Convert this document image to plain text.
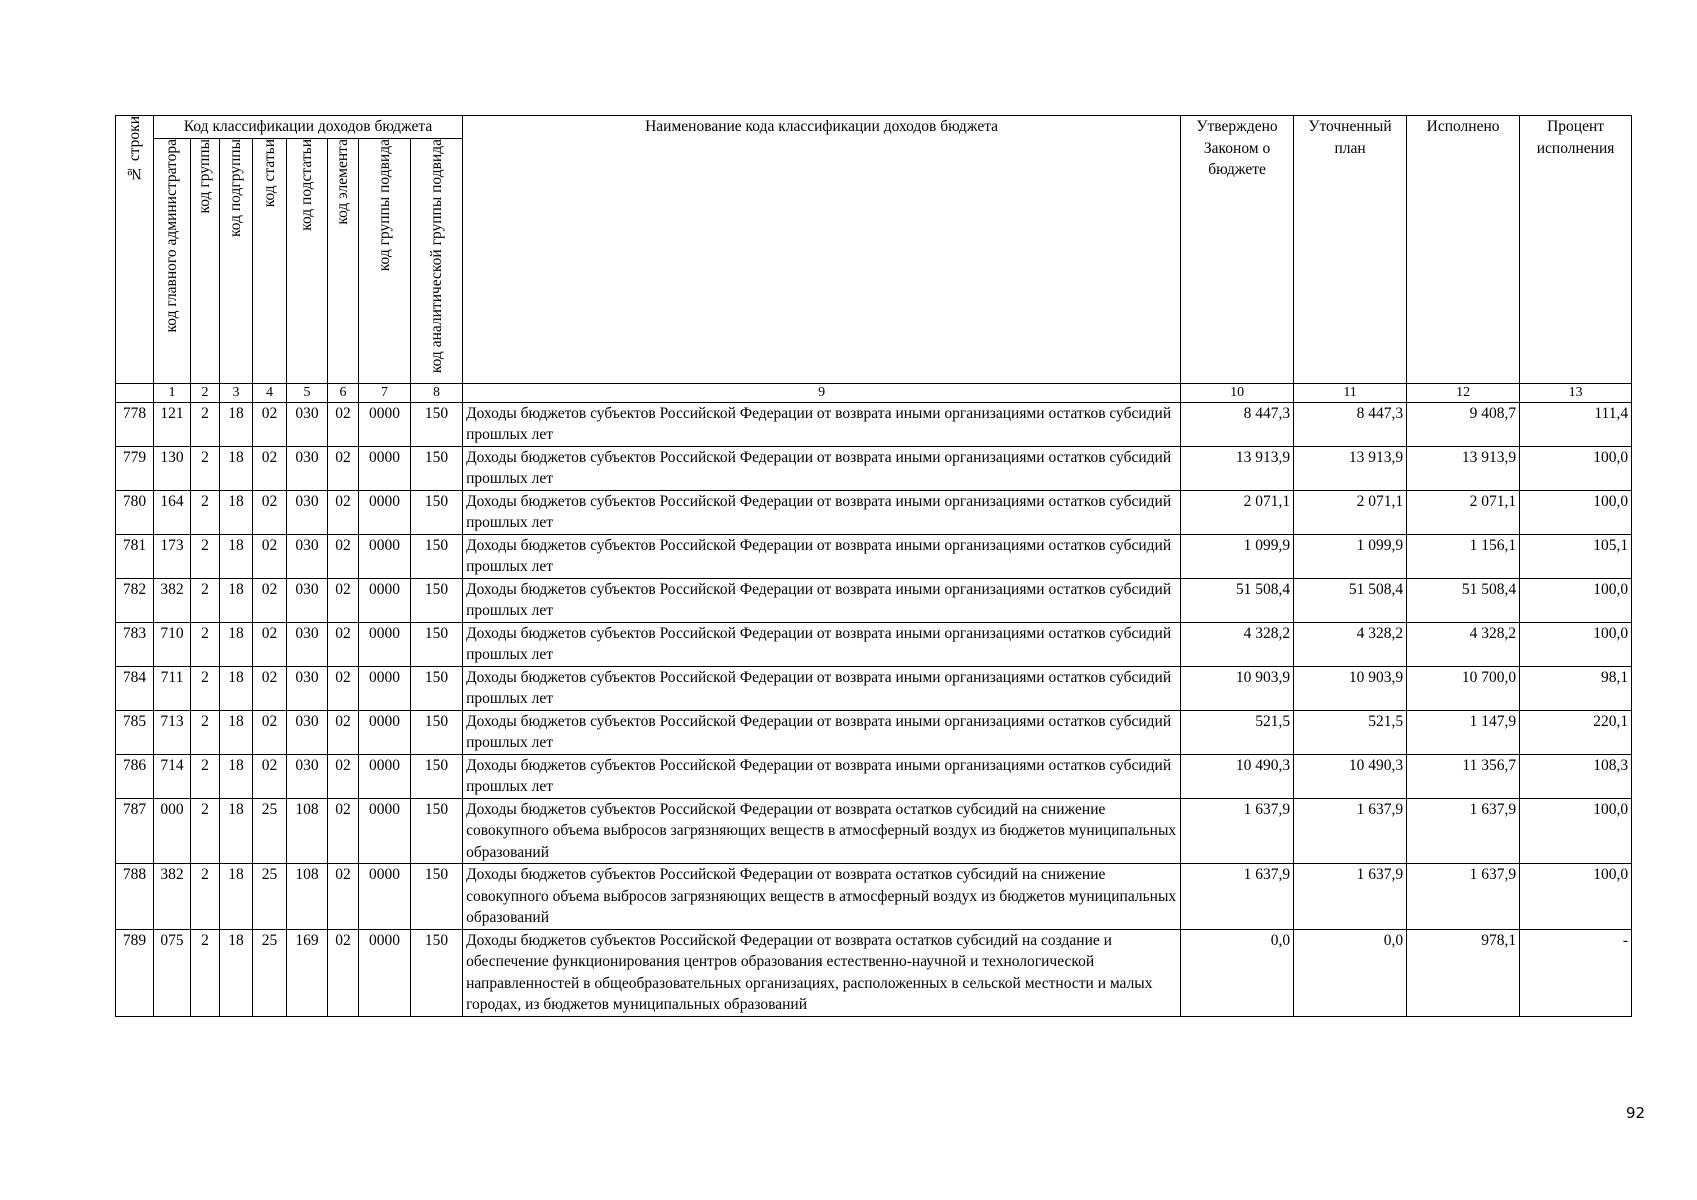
№ строки	Код классификации доходов бюджета								Наименование кода классификации доходов бюджета	Утверждено Законом о бюджете	Уточненный план	Исполнено	Процент исполнения
	код главного администратора	код группы	код подгруппы	код статьи	код подстатьи	код элемента	код группы подвида	код аналитической группы подвида					
	1	2	3	4	5	6	7	8	9	10	11	12	13
778	121	2	18	02	030	02	0000	150	Доходы бюджетов субъектов Российской Федерации от возврата иными организациями остатков субсидий прошлых лет	8 447,3	8 447,3	9 408,7	111,4
779	130	2	18	02	030	02	0000	150	Доходы бюджетов субъектов Российской Федерации от возврата иными организациями остатков субсидий прошлых лет	13 913,9	13 913,9	13 913,9	100,0
780	164	2	18	02	030	02	0000	150	Доходы бюджетов субъектов Российской Федерации от возврата иными организациями остатков субсидий прошлых лет	2 071,1	2 071,1	2 071,1	100,0
781	173	2	18	02	030	02	0000	150	Доходы бюджетов субъектов Российской Федерации от возврата иными организациями остатков субсидий прошлых лет	1 099,9	1 099,9	1 156,1	105,1
782	382	2	18	02	030	02	0000	150	Доходы бюджетов субъектов Российской Федерации от возврата иными организациями остатков субсидий прошлых лет	51 508,4	51 508,4	51 508,4	100,0
783	710	2	18	02	030	02	0000	150	Доходы бюджетов субъектов Российской Федерации от возврата иными организациями остатков субсидий прошлых лет	4 328,2	4 328,2	4 328,2	100,0
784	711	2	18	02	030	02	0000	150	Доходы бюджетов субъектов Российской Федерации от возврата иными организациями остатков субсидий прошлых лет	10 903,9	10 903,9	10 700,0	98,1
785	713	2	18	02	030	02	0000	150	Доходы бюджетов субъектов Российской Федерации от возврата иными организациями остатков субсидий прошлых лет	521,5	521,5	1 147,9	220,1
786	714	2	18	02	030	02	0000	150	Доходы бюджетов субъектов Российской Федерации от возврата иными организациями остатков субсидий прошлых лет	10 490,3	10 490,3	11 356,7	108,3
787	000	2	18	25	108	02	0000	150	Доходы бюджетов субъектов Российской Федерации от возврата остатков субсидий на снижение совокупного объема выбросов загрязняющих веществ в атмосферный воздух из бюджетов муниципальных образований	1 637,9	1 637,9	1 637,9	100,0
788	382	2	18	25	108	02	0000	150	Доходы бюджетов субъектов Российской Федерации от возврата остатков субсидий на снижение совокупного объема выбросов загрязняющих веществ в атмосферный воздух из бюджетов муниципальных образований	1 637,9	1 637,9	1 637,9	100,0
789	075	2	18	25	169	02	0000	150	Доходы бюджетов субъектов Российской Федерации от возврата остатков субсидий на создание и обеспечение функционирования центров образования естественно-научной и технологической направленностей в общеобразовательных организациях, расположенных в сельской местности и малых городах, из бюджетов муниципальных образований	0,0	0,0	978,1	-
92
